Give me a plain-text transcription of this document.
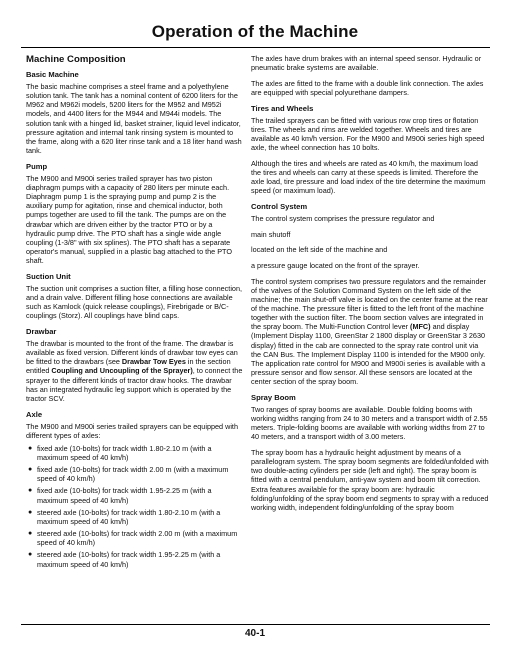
Operation of the Machine
Machine Composition
Basic Machine

The basic machine comprises a steel frame and a polyethylene solution tank. The tank has a nominal content of 6200 liters for the M962 and M962i models, 5200 liters for the M952 and M952i models, and 4400 liters for the M944 and M944i models. The solution tank with a hinged lid, basket strainer, liquid level indicator, pressure agitation and internal tank rinsing system is mounted to the frame, along with a 620 liter rinse tank and a 18 liter hand wash tank.

Pump

The M900 and M900i series trailed sprayer has two piston diaphragm pumps with a capacity of 280 liters per minute each. Diaphragm pump 1 is the spraying pump and pump 2 is the auxiliary pump for agitation, rinse and chemical inductor, both pumps together are used to fill the tank. The pumps are on the drawbar which are driven either by the tractor PTO or by a hydraulic pump drive. The PTO shaft has a single wide angle coupling (1-3/8" with six splines). The PTO shaft has a separate operator's manual, supplied in a plastic bag attached to the PTO shaft.

Suction Unit

The suction unit comprises a suction filter, a filling hose connection, and a drain valve. Different filling hose connections are available such as Kamlock (quick release couplings), Firebrigade or B/C-couplings (Storz). All couplings have blind caps.

Drawbar

The drawbar is mounted to the front of the frame. The drawbar is available as fixed version. Different kinds of drawbar tow eyes can be fitted to the drawbars (see Drawbar Tow Eyes in the section entitled Coupling and Uncoupling of the Sprayer), to connect the sprayer to the different kinds of tractor draw hooks. The drawbar has an integrated hydraulic leg support which is operated by the tractor SCV.

Axle

The M900 and M900i series trailed sprayers can be equipped with different types of axles:

● fixed axle (10-bolts) for track width 1.80-2.10 m (with a maximum speed of 40 km/h)
● fixed axle (10-bolts) for track width 2.00 m (with a maximum speed of 40 km/h)
● fixed axle (10-bolts) for track width 1.95-2.25 m (with a maximum speed of 40 km/h)
● steered axle (10-bolts) for track width 1.80-2.10 m (with a maximum speed of 40 km/h)
● steered axle (10-bolts) for track width 2.00 m (with a maximum speed of 40 km/h)
● steered axle (10-bolts) for track width 1.95-2.25 m (with a maximum speed of 40 km/h)

The axles have drum brakes with an internal speed sensor. Hydraulic or pneumatic brake systems are available.

The axles are fitted to the frame with a double link connection. The axles are equipped with special polyurethane dampers.

Tires and Wheels

The trailed sprayers can be fitted with various row crop tires or flotation tires. The wheels and rims are welded together. Wheels and tires are available as 40 km/h version. For the M900 and M900i series high speed axle, the wheel connection has 10 bolts.

Although the tires and wheels are rated as 40 km/h, the maximum load the tires and wheels can carry at these speeds is limited. Therefore the axle load, tire pressure and load index of the tire determine the maximum speed (or maximum load).

Control System

The control system comprises the pressure regulator and

main shutoff

located on the left side of the machine and

a pressure gauge located on the front of the sprayer.

The control system comprises two pressure regulators and the remainder of the valves of the Solution Command System on the left side of the machine; the main shut-off valve is located on the center frame at the rear of the machine. The pressure filter is fitted to the left front of the machine together with the suction filter. The boom section valves are integrated in the spray boom. The Multi-Function Control lever (MFC) and display (Implement Display 1100, GreenStar 2 1800 display or GreenStar 3 2630 display) fitted in the cab are connected to the spray rate control unit via the CAN Bus. The Implement Display 1100 is intended for the M900 only. The application rate control for M900 and M900i series is available with a pressure sensor and flow sensor. All these sensors are located at the center section of the spray boom.

Spray Boom

Two ranges of spray booms are available. Double folding booms with working widths ranging from 24 to 30 meters and a transport width of 2.55 meters. Triple-folding booms are available with working widths from 27 to 40 meters, and a transport width of 3.00 meters.

The spray boom has a hydraulic height adjustment by means of a parallelogram system. The spray boom segments are folded/unfolded with two double-acting cylinders per side (left and right). The spray boom is fitted with a central pendulum, anti-yaw system and boom tilt correction. Extra features available for the spray boom are: hydraulic folding/unfolding of the spray boom end segments to spray with a reduced working width, independent folding/unfolding of the spray boom

40-1
